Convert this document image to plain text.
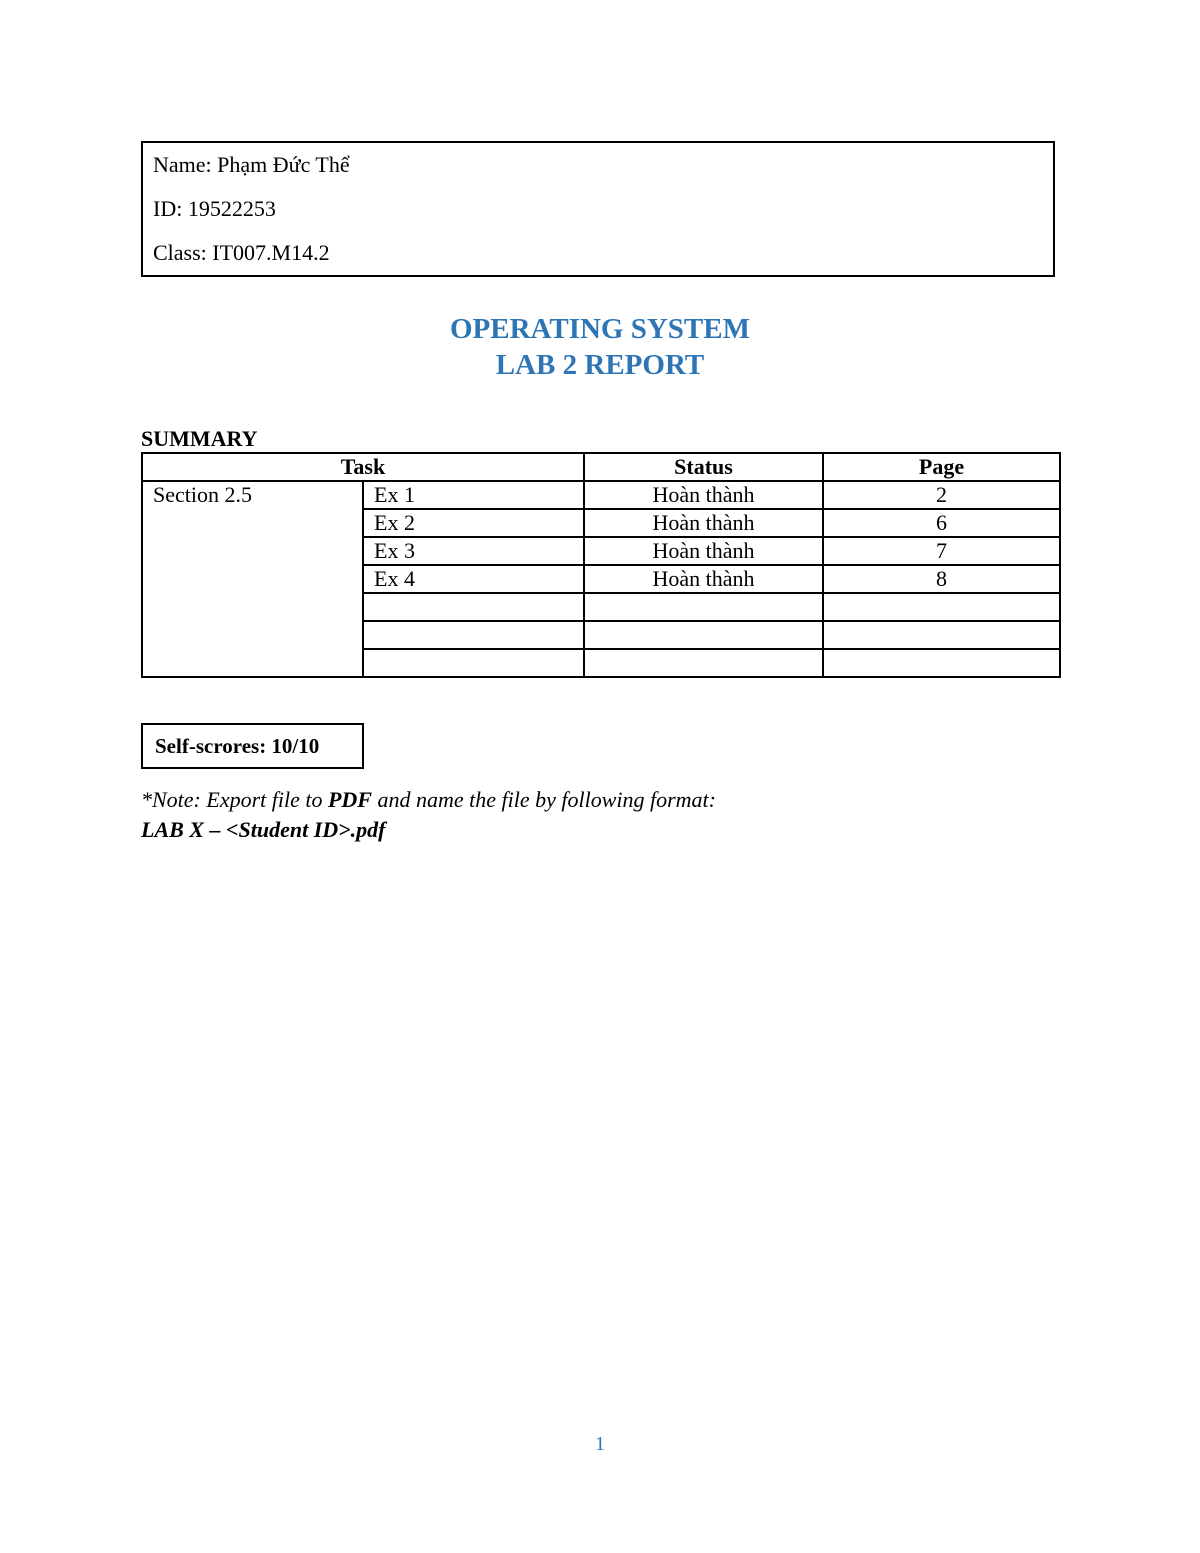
Name: Phạm Đức Thể
ID: 19522253
Class: IT007.M14.2
OPERATING SYSTEM
LAB 2 REPORT
SUMMARY
Task		Status	Page
Section 2.5	Ex 1	Hoàn thành	2
	Ex 2	Hoàn thành	6
	Ex 3	Hoàn thành	7
	Ex 4	Hoàn thành	8

Self-scrores: 10/10
*Note: Export file to PDF and name the file by following format:
LAB X – <Student ID>.pdf
1
